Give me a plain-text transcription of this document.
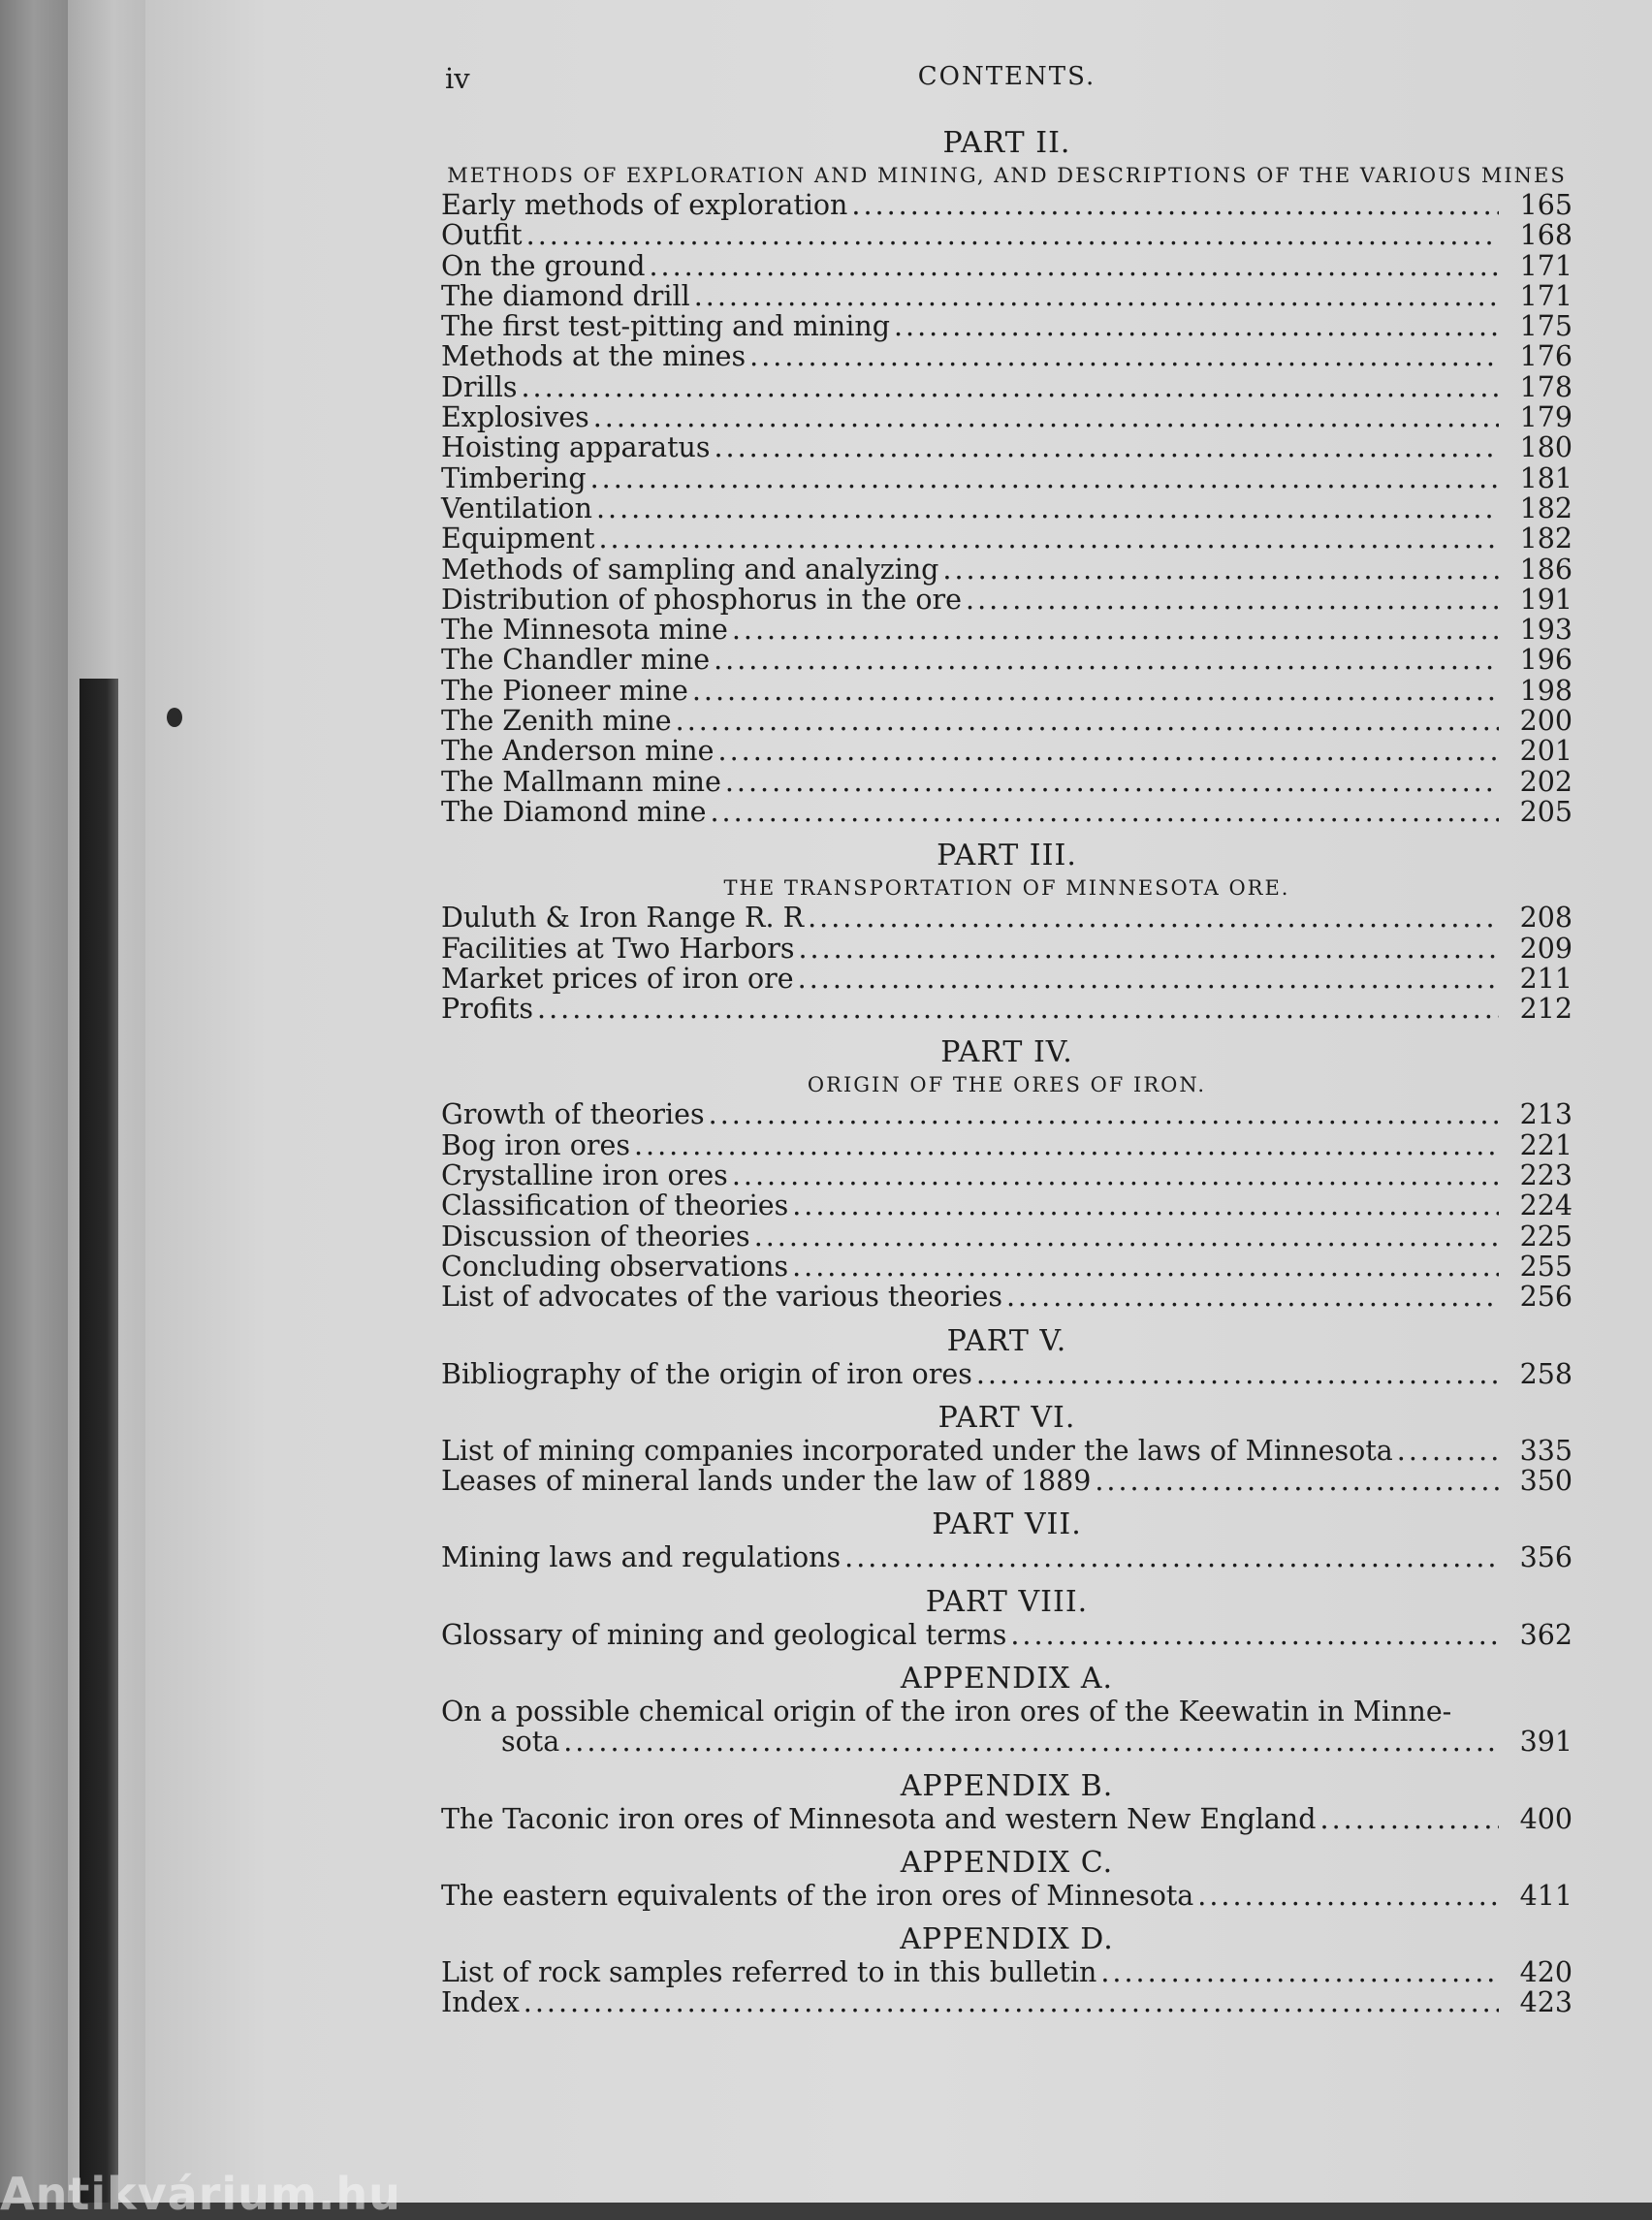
iv	CONTENTS.
PART II.
METHODS OF EXPLORATION AND MINING, AND DESCRIPTIONS OF THE VARIOUS MINES
Early methods of exploration .....	165
Outfit .....	168
On the ground .....	171
The diamond drill .....	171
The first test-pitting and mining .....	175
Methods at the mines .....	176
Drills .....	178
Explosives .....	179
Hoisting apparatus .....	180
Timbering .....	181
Ventilation .....	182
Equipment .....	182
Methods of sampling and analyzing .....	186
Distribution of phosphorus in the ore .....	191
The Minnesota mine .....	193
The Chandler mine .....	196
The Pioneer mine .....	198
The Zenith mine .....	200
The Anderson mine .....	201
The Mallmann mine .....	202
The Diamond mine .....	205
PART III.
THE TRANSPORTATION OF MINNESOTA ORE.
Duluth & Iron Range R. R .....	208
Facilities at Two Harbors .....	209
Market prices of iron ore .....	211
Profits .....	212
PART IV.
ORIGIN OF THE ORES OF IRON.
Growth of theories .....	213
Bog iron ores .....	221
Crystalline iron ores .....	223
Classification of theories .....	224
Discussion of theories .....	225
Concluding observations .....	255
List of advocates of the various theories .....	256
PART V.
Bibliography of the origin of iron ores .....	258
PART VI.
List of mining companies incorporated under the laws of Minnesota .....	335
Leases of mineral lands under the law of 1889 .....	350
PART VII.
Mining laws and regulations .....	356
PART VIII.
Glossary of mining and geological terms .....	362
APPENDIX A.
On a possible chemical origin of the iron ores of the Keewatin in Minne-
sota .....	391
APPENDIX B.
The Taconic iron ores of Minnesota and western New England .....	400
APPENDIX C.
The eastern equivalents of the iron ores of Minnesota .....	411
APPENDIX D.
List of rock samples referred to in this bulletin .....	420
Index .....	423
Antikvárium.hu
